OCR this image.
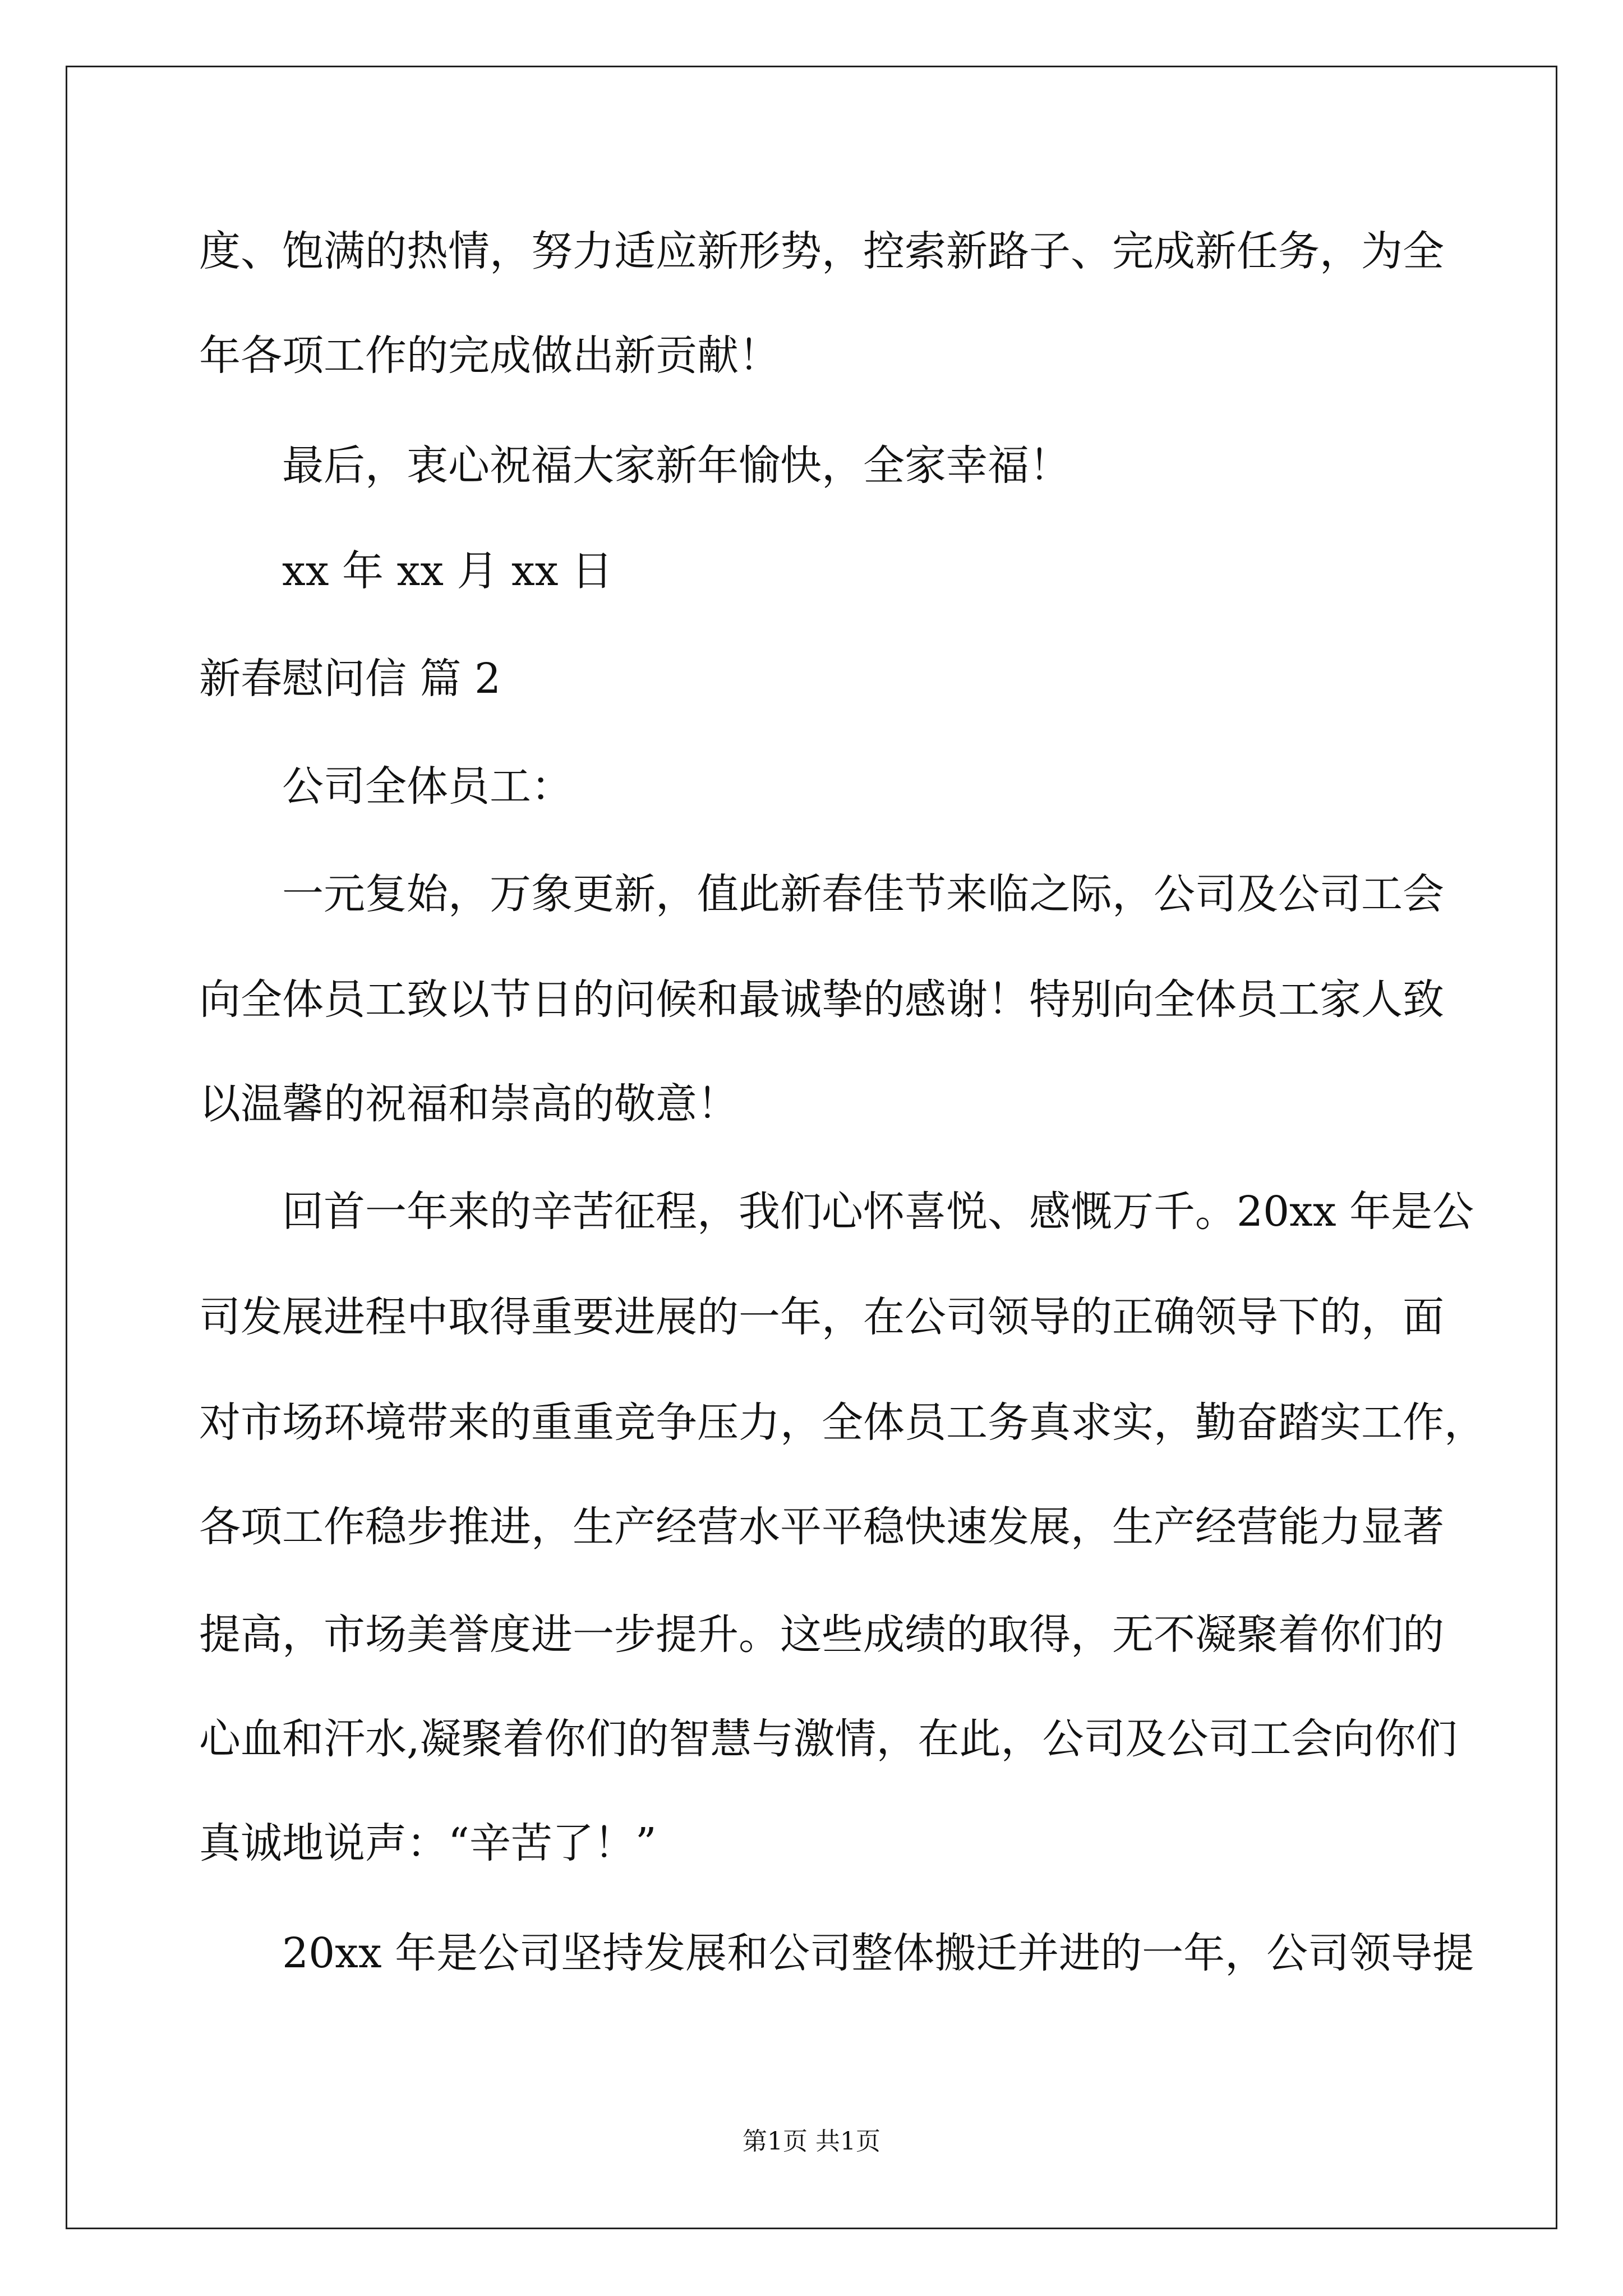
度、饱满的热情，努力适应新形势，控索新路子、完成新任务，为全

年各项工作的完成做出新贡献！

最后，衷心祝福大家新年愉快，全家幸福！

xx 年 xx 月 xx 日

新春慰问信 篇 2

公司全体员工：

一元复始，万象更新，值此新春佳节来临之际，公司及公司工会

向全体员工致以节日的问候和最诚挚的感谢！特别向全体员工家人致

以温馨的祝福和崇高的敬意！

回首一年来的辛苦征程，我们心怀喜悦、感慨万千。20xx 年是公

司发展进程中取得重要进展的一年，在公司领导的正确领导下的，面

对市场环境带来的重重竞争压力，全体员工务真求实，勤奋踏实工作，

各项工作稳步推进，生产经营水平平稳快速发展，生产经营能力显著

提高，市场美誉度进一步提升。这些成绩的取得，无不凝聚着你们的

心血和汗水,凝聚着你们的智慧与激情，在此，公司及公司工会向你们

真诚地说声：“辛苦了！”

20xx 年是公司坚持发展和公司整体搬迁并进的一年，公司领导提

第1页 共1页
